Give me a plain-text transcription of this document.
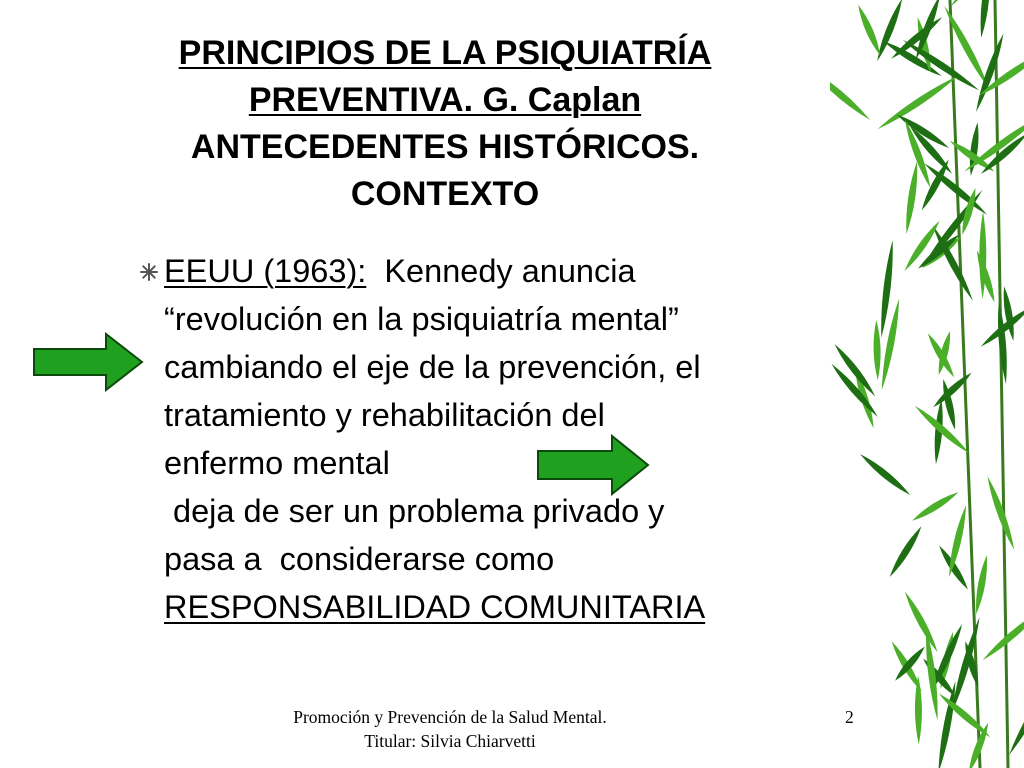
PRINCIPIOS DE LA PSIQUIATRÍA
PREVENTIVA. G. Caplan
ANTECEDENTES HISTÓRICOS.
CONTEXTO
EEUU (1963):  Kennedy anuncia
“revolución en la psiquiatría mental”
cambiando el eje de la prevención, el
tratamiento y rehabilitación del
enfermo mental
deja de ser un problema privado y
pasa a  considerarse como
RESPONSABILIDAD COMUNITARIA
Promoción y Prevención de la Salud Mental.
Titular: Silvia Chiarvetti
2
